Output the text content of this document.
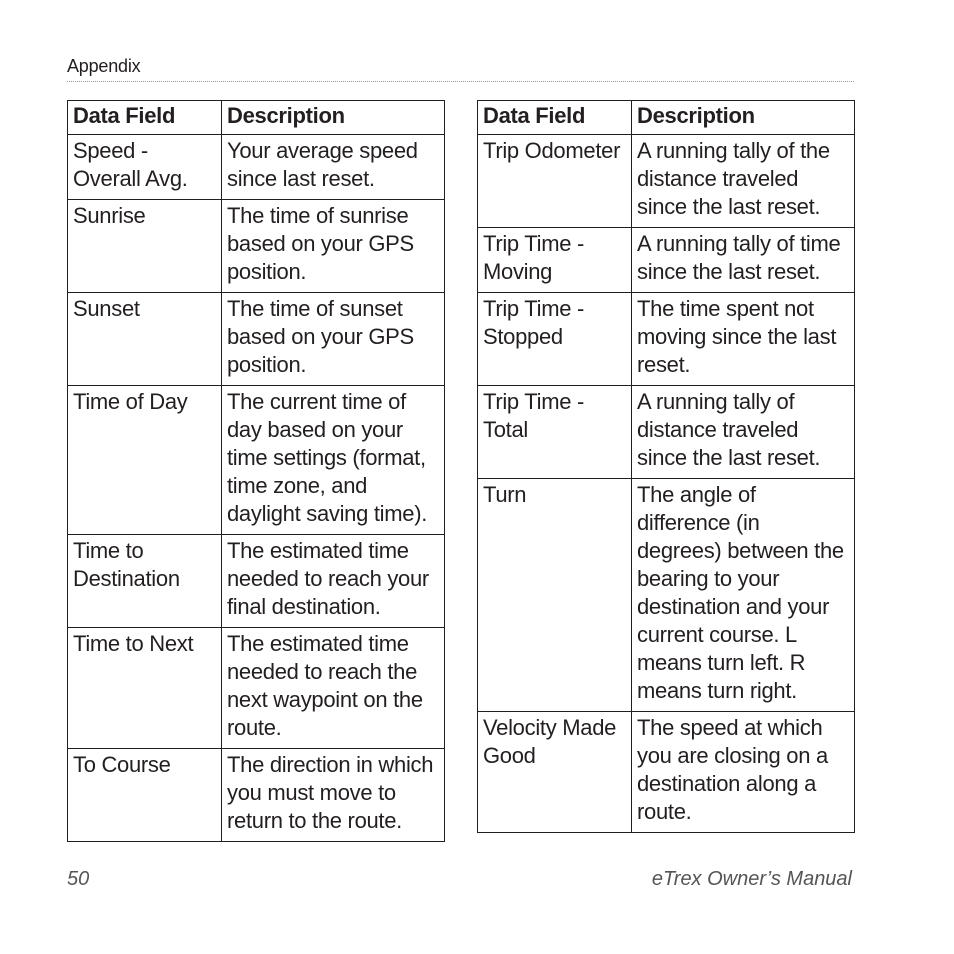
Appendix
Data Field	Description
Speed - Overall Avg.	Your average speed since last reset.
Sunrise	The time of sunrise based on your GPS position.
Sunset	The time of sunset based on your GPS position.
Time of Day	The current time of day based on your time settings (format, time zone, and daylight saving time).
Time to Destination	The estimated time needed to reach your final destination.
Time to Next	The estimated time needed to reach the next waypoint on the route.
To Course	The direction in which you must move to return to the route.
Data Field	Description
Trip Odometer	A running tally of the distance traveled since the last reset.
Trip Time - Moving	A running tally of time since the last reset.
Trip Time - Stopped	The time spent not moving since the last reset.
Trip Time - Total	A running tally of distance traveled since the last reset.
Turn	The angle of difference (in degrees) between the bearing to your destination and your current course. L means turn left. R means turn right.
Velocity Made Good	The speed at which you are closing on a destination along a route.
50	eTrex Owner’s Manual
